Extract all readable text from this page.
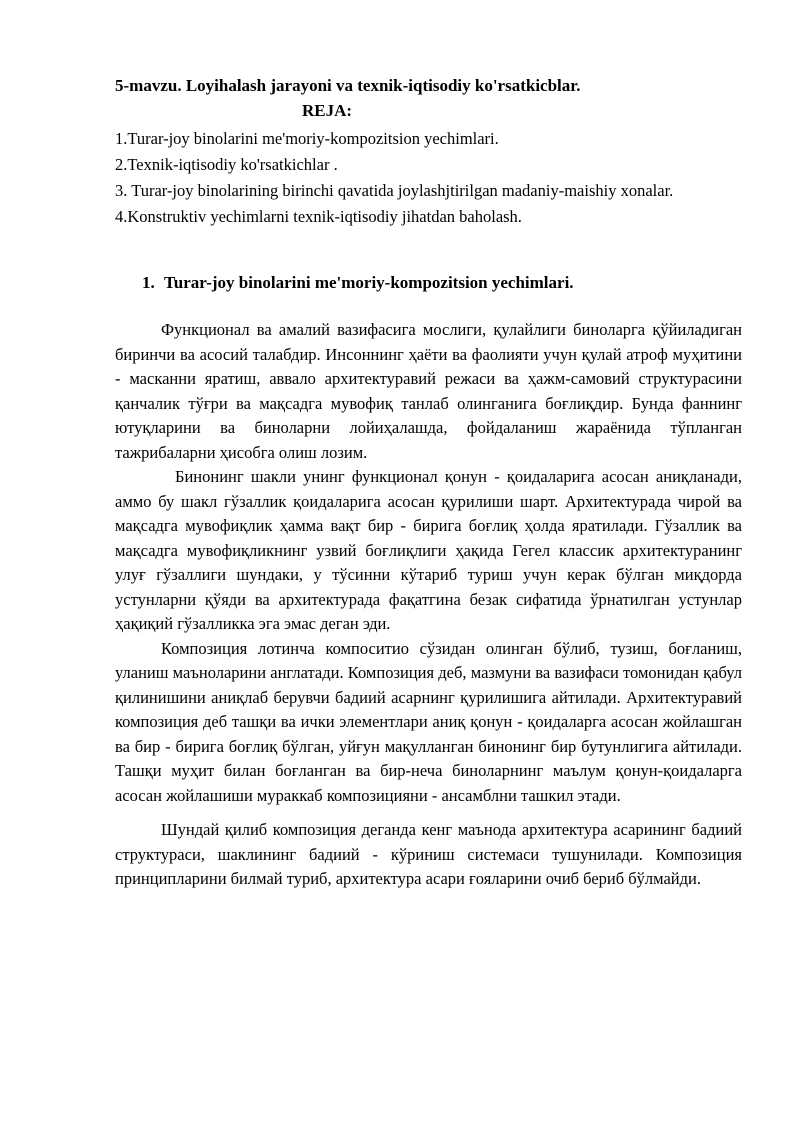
5-mavzu. Loyihalash jarayoni va texnik-iqtisodiy ko'rsatkicblar.
REJA:
1.Turar-joy binolarini me'moriy-kompozitsion yechimlari.
2.Texnik-iqtisodiy ko'rsatkichlar .
3. Turar-joy binolarining birinchi qavatida joylashjtirilgan madaniy-maishiy xonalar.
4.Konstruktiv yechimlarni texnik-iqtisodiy jihatdan baholash.
1. Turar-joy binolarini me'moriy-kompozitsion yechimlari.

Функционал ва амалий вазифасига мослиги, қулайлиги биноларга қўйиладиган биринчи ва асосий талабдир. Инсоннинг ҳаёти ва фаолияти учун қулай атроф муҳитини - масканни яратиш, аввало архитектуравий режаси ва ҳажм-самовий структурасини қанчалик тўғри ва мақсадга мувофиқ танлаб олинганига боғлиқдир. Бунда фаннинг ютуқларини ва биноларни лойиҳалашда, фойдаланиш жараёнида тўпланган тажрибаларни ҳисобга олиш лозим.

Бинонинг шакли унинг функционал қонун - қоидаларига асосан аниқланади, аммо бу шакл гўзаллик қоидаларига асосан қурилиши шарт. Архитектурада чирой ва мақсадга мувофиқлик ҳамма вақт бир - бирига боғлиқ ҳолда яратилади. Гўзаллик ва мақсадга мувофиқликнинг узвий боғлиқлиги ҳақида Гегел классик архитектуранинг улуғ гўзаллиги шундаки, у тўсинни кўтариб туриш учун керак бўлган миқдорда устунларни қўяди ва архитектурада фақатгина безак сифатида ўрнатилган устунлар ҳақиқий гўзалликка эга эмас деган эди.

Композиция лотинча компоситио сўзидан олинган бўлиб, тузиш, боғланиш, уланиш маъноларини англатади. Композиция деб, мазмуни ва вазифаси томонидан қабул қилинишини аниқлаб берувчи бадиий асарнинг қурилишига айтилади. Архитектуравий композиция деб ташқи ва ички элементлари аниқ қонун - қоидаларга асосан жойлашган ва бир - бирига боғлиқ бўлган, уйғун мақулланган бинонинг бир бутунлигига айтилади. Ташқи муҳит билан боғланган ва бир-неча биноларнинг маълум қонун-қоидаларга асосан жойлашиши мураккаб композицияни - ансамблни ташкил этади.

Шундай қилиб композиция деганда кенг маънода архитектура асарининг бадиий структураси, шаклининг бадиий - кўриниш системаси тушунилади. Композиция принципларини билмай туриб, архитектура асари ғояларини очиб бериб бўлмайди.
